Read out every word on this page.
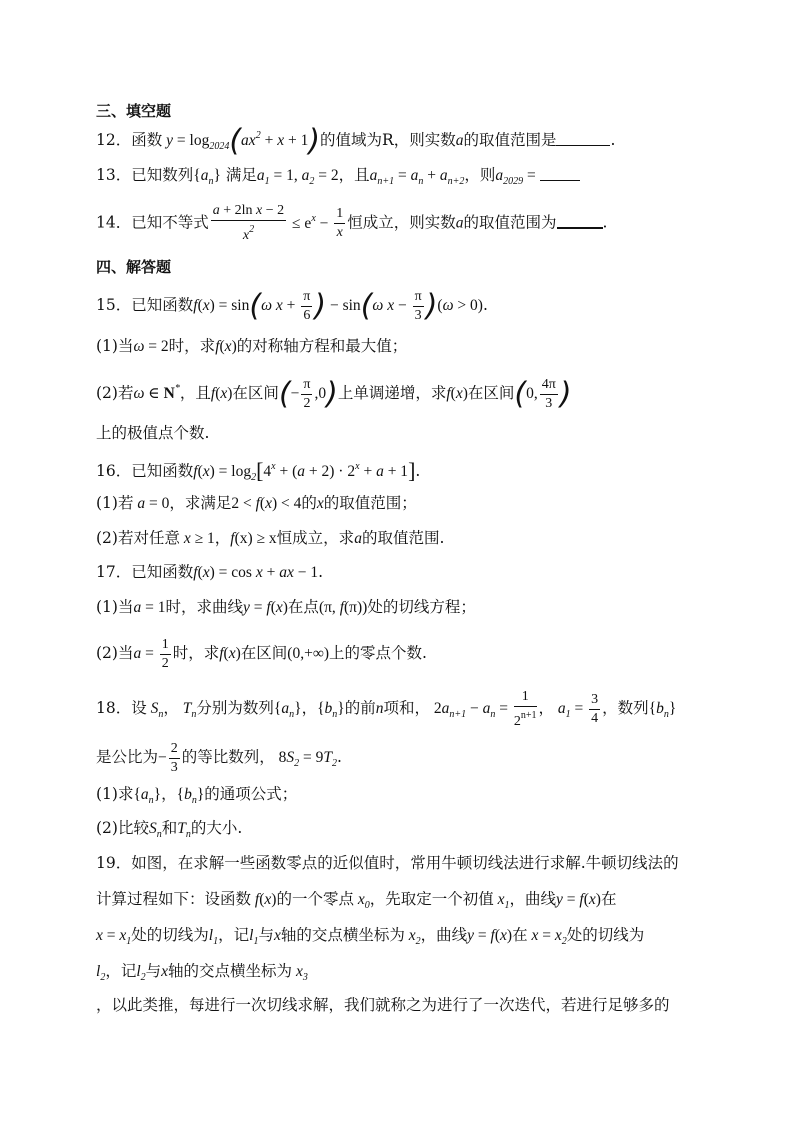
三、填空题
12．函数 $y = \log_{2024}(ax^2 + x + 1)$的值域为R，则实数a的取值范围是	.
13．已知数列$\{a_n\}$ 满足$a_1 = 1$, $a_2 = 2$，且$a_{n+1} = a_n + a_{n+2}$，则$a_{2029}$ =
14．已知不等式 $\frac{\text{a + 2ln x − 2}}{x^2} \le e^x - \frac{1}{x}$ 恒成立，则实数a的取值范围为	.
四、解答题
15．已知函数f(x) = sin(ω $x + \frac{\pi}{6}$ ) − sin(ω $x - \frac{\pi}{3} )(\omega > 0)$.
(1)当ω = 2时，求f(x)的对称轴方程和最大值；
(2)若ω ∈ N*，且f(x)在区间(− $\frac{\pi}{2} ,0$)上单调递增，求f(x)在区间(0, $\frac{4\pi}{3}$ )
上的极值点个数.
16．已知函数$f(x) = \log_2[4^x + (a + 2) \cdot 2^x + a + 1]$.
(1)若 a = 0，求满足2 < f(x) < 4的x的取值范围；
(2)若对任意 x ≥ 1，f(x) ≥ x恒成立，求a的取值范围.
17．已知函数f(x) = cos x + ax − 1.
(1)当a = 1时，求曲线y = f(x)在点(π, f(π))处的切线方程；
(2)当$a = \frac{1}{2}$ 时，求f(x)在区间(0,+∞)上的零点个数.
18．设 $S_n$， $T_n$分别为数列$\{a_n\}$，$\{b_n\}$的前n项和， $2a_{n+1} - a_n = \frac{1}{2^{n+1}}$ ， $a_1 = \frac{3}{4}$ ，数列$\{b_n\}$
是公比为− $\frac{2}{3}$ 的等比数列， $8S_2 = 9T_2$.
(1)求$\{a_n\}$，$\{b_n\}$的通项公式；
(2)比较$S_n$和$T_n$的大小.
19．如图，在求解一些函数零点的近似值时，常用牛顿切线法进行求解.牛顿切线法的
计算过程如下：设函数 f(x)的一个零点 $x_0$，先取定一个初值 $x_1$，曲线y = f(x)在
$x = x_1$处的切线为$l_1$，记$l_1$与x轴的交点横坐标为 $x_2$，曲线y = f(x)在 $x = x_2$处的切线为
$l_2$，记$l_2$与x轴的交点横坐标为 $x_3$
，以此类推，每进行一次切线求解，我们就称之为进行了一次迭代，若进行足够多的
